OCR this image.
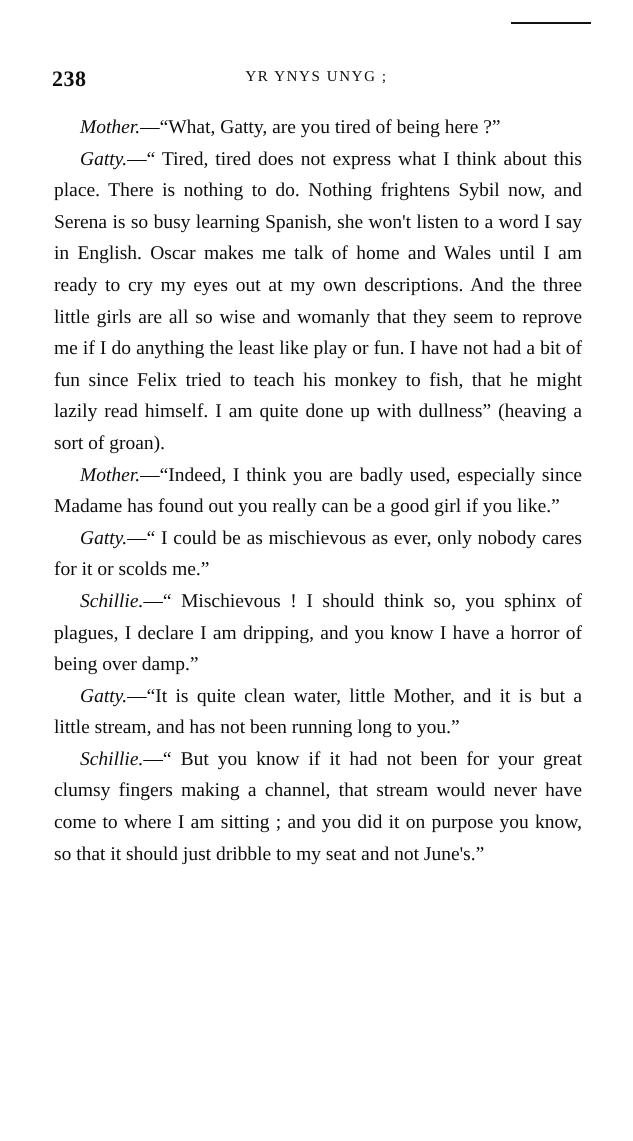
238	YR YNYS UNYG ;

Mother.—“What, Gatty, are you tired of being here ?”

Gatty.—“ Tired, tired does not express what I think about this place. There is nothing to do. Nothing frightens Sybil now, and Serena is so busy learning Spanish, she won't listen to a word I say in English. Oscar makes me talk of home and Wales until I am ready to cry my eyes out at my own descriptions. And the three little girls are all so wise and womanly that they seem to reprove me if I do anything the least like play or fun. I have not had a bit of fun since Felix tried to teach his monkey to fish, that he might lazily read himself. I am quite done up with dullness” (heaving a sort of groan).

Mother.—“Indeed, I think you are badly used, especially since Madame has found out you really can be a good girl if you like.”

Gatty.—“ I could be as mischievous as ever, only nobody cares for it or scolds me.”

Schillie.—“ Mischievous ! I should think so, you sphinx of plagues, I declare I am dripping, and you know I have a horror of being over damp.”

Gatty.—“It is quite clean water, little Mother, and it is but a little stream, and has not been running long to you.”

Schillie.—“ But you know if it had not been for your great clumsy fingers making a channel, that stream would never have come to where I am sitting ; and you did it on purpose you know, so that it should just dribble to my seat and not June's.”
